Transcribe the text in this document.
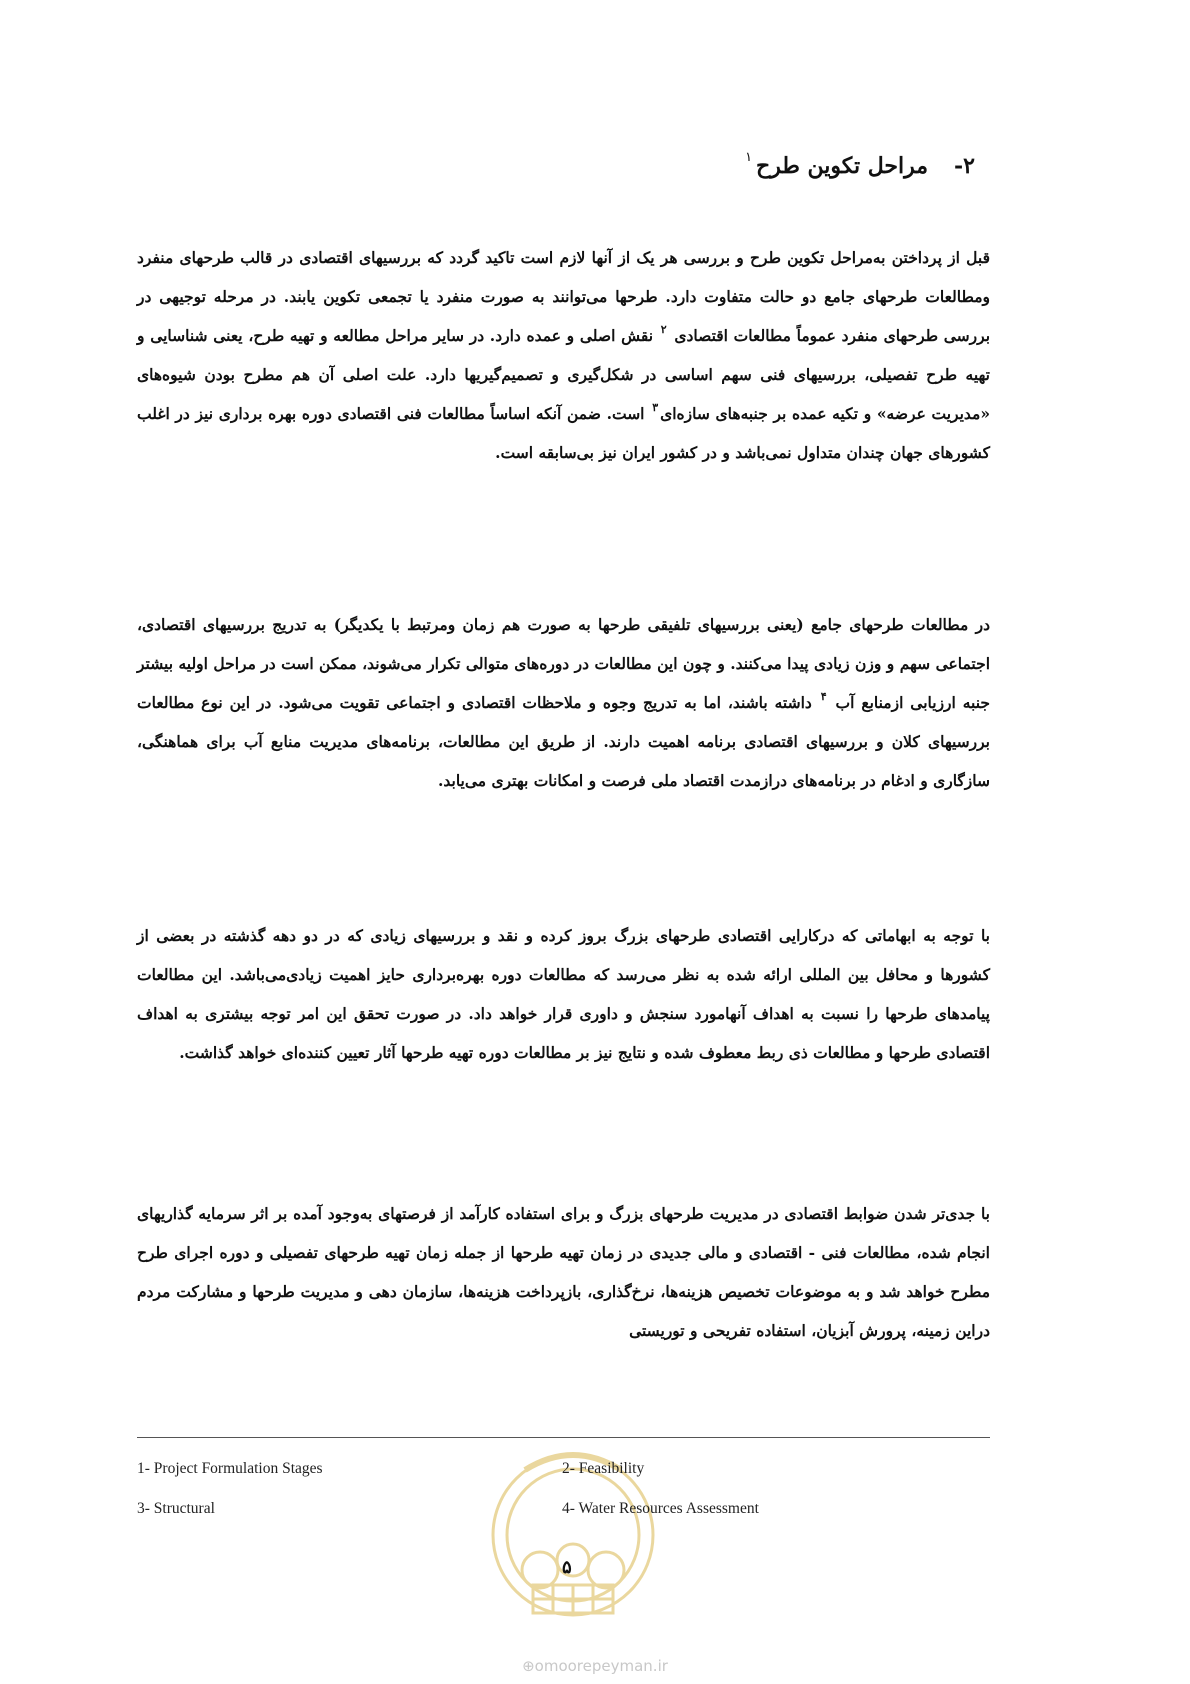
۲-مراحل تکوین طرح$^۱$
قبل از پرداختن به‌مراحل تکوین طرح و بررسی هر یک از آنها لازم است تاکید گردد که بررسیهای اقتصادی در قالب طرحهای منفرد ومطالعات طرحهای جامع دو حالت متفاوت دارد. طرحها می‌توانند به صورت منفرد یا تجمعی تکوین یابند. در مرحله توجیهی در بررسی طرحهای منفرد عموماً مطالعات اقتصادی $^۲$ نقش اصلی و عمده دارد. در سایر مراحل مطالعه و تهیه طرح، یعنی شناسایی و تهیه طرح تفصیلی، بررسیهای فنی سهم اساسی در شکل‌گیری و تصمیم‌گیریها دارد. علت اصلی آن هم مطرح بودن شیوه‌های «مدیریت عرضه» و تکیه عمده بر جنبه‌های سازه‌ای$^۳$ است. ضمن آنکه اساساً مطالعات فنی اقتصادی دوره بهره برداری نیز در اغلب کشورهای جهان چندان متداول نمی‌باشد و در کشور ایران نیز بی‌سابقه است.
در مطالعات طرحهای جامع (یعنی بررسیهای تلفیقی طرحها به صورت هم زمان ومرتبط با یکدیگر) به تدریج بررسیهای اقتصادی، اجتماعی سهم و وزن زیادی پیدا می‌کنند. و چون این مطالعات در دوره‌های متوالی تکرار می‌شوند، ممکن است در مراحل اولیه بیشتر جنبه ارزیابی ازمنابع آب $^۴$ داشته باشند، اما به تدریج وجوه و ملاحظات اقتصادی و اجتماعی تقویت می‌شود. در این نوع مطالعات بررسیهای کلان و بررسیهای اقتصادی برنامه اهمیت دارند. از طریق این مطالعات، برنامه‌های مدیریت منابع آب برای هماهنگی، سازگاری و ادغام در برنامه‌های درازمدت اقتصاد ملی فرصت و امکانات بهتری می‌یابد.
با توجه به ابهاماتی که درکارایی اقتصادی طرحهای بزرگ بروز کرده و نقد و بررسیهای زیادی که در دو دهه گذشته در بعضی از کشورها و محافل بین المللی ارائه شده به نظر می‌رسد که مطالعات دوره بهره‌برداری حایز اهمیت زیادی‌می‌باشد. این مطالعات پیامدهای طرحها را نسبت به اهداف آنهامورد سنجش و داوری قرار خواهد داد. در صورت تحقق این امر توجه بیشتری به اهداف اقتصادی طرحها و مطالعات ذی ربط معطوف شده و نتایج نیز بر مطالعات دوره تهیه طرحها آثار تعیین کننده‌ای خواهد گذاشت.
با جدی‌تر شدن ضوابط اقتصادی در مدیریت طرحهای بزرگ و برای استفاده کارآمد از فرصتهای به‌وجود آمده بر اثر سرمایه گذاریهای انجام شده، مطالعات فنی - اقتصادی و مالی جدیدی در زمان تهیه طرحها از جمله زمان تهیه طرحهای تفصیلی و دوره اجرای طرح مطرح خواهد شد و به موضوعات تخصیص هزینه‌ها، نرخ‌گذاری، بازپرداخت هزینه‌ها، سازمان دهی و مدیریت طرحها و مشارکت مردم دراین زمینه، پرورش آبزیان، استفاده تفریحی و توریستی
1- Project Formulation Stages	2- Feasibility
3- Structural	4- Water Resources Assessment
۵
⊕omoorepeyman.ir
